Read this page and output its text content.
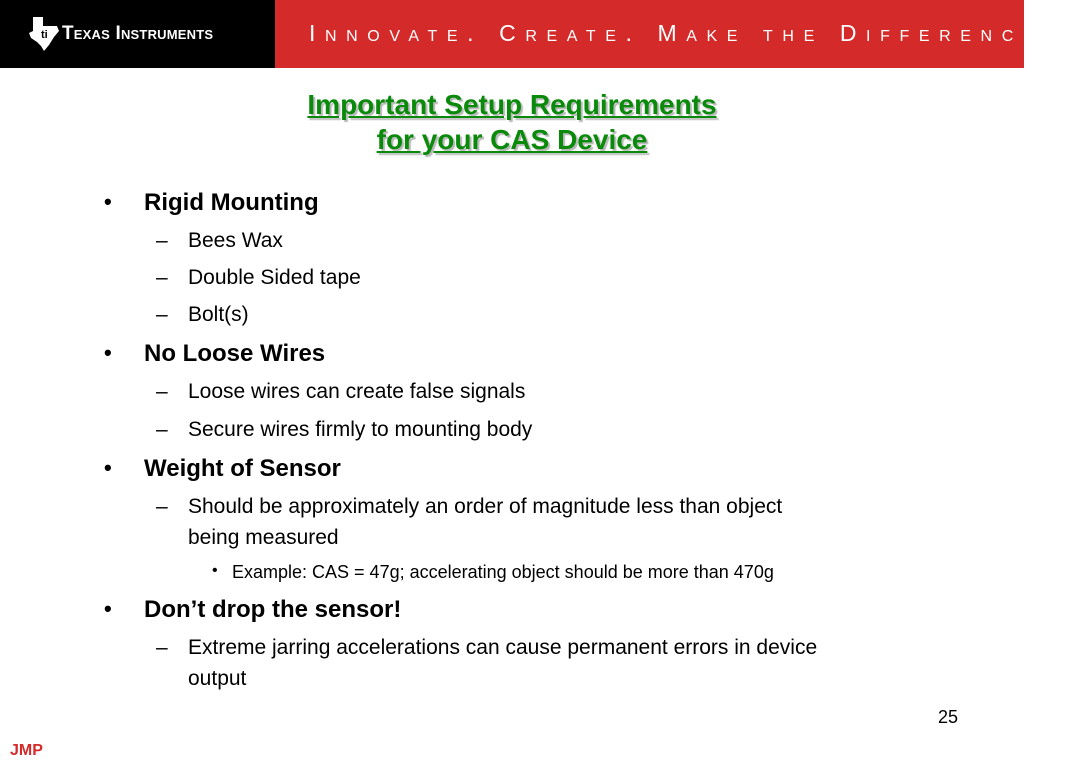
ti Texas Instruments	Innovate. Create. Make the Difference.™
Important Setup Requirements
for your CAS Device
• Rigid Mounting
– Bees Wax
– Double Sided tape
– Bolt(s)
• No Loose Wires
– Loose wires can create false signals
– Secure wires firmly to mounting body
• Weight of Sensor
– Should be approximately an order of magnitude less than object
being measured
• Example: CAS = 47g; accelerating object should be more than 470g
• Don’t drop the sensor!
– Extreme jarring accelerations can cause permanent errors in device
output
25
JMP
